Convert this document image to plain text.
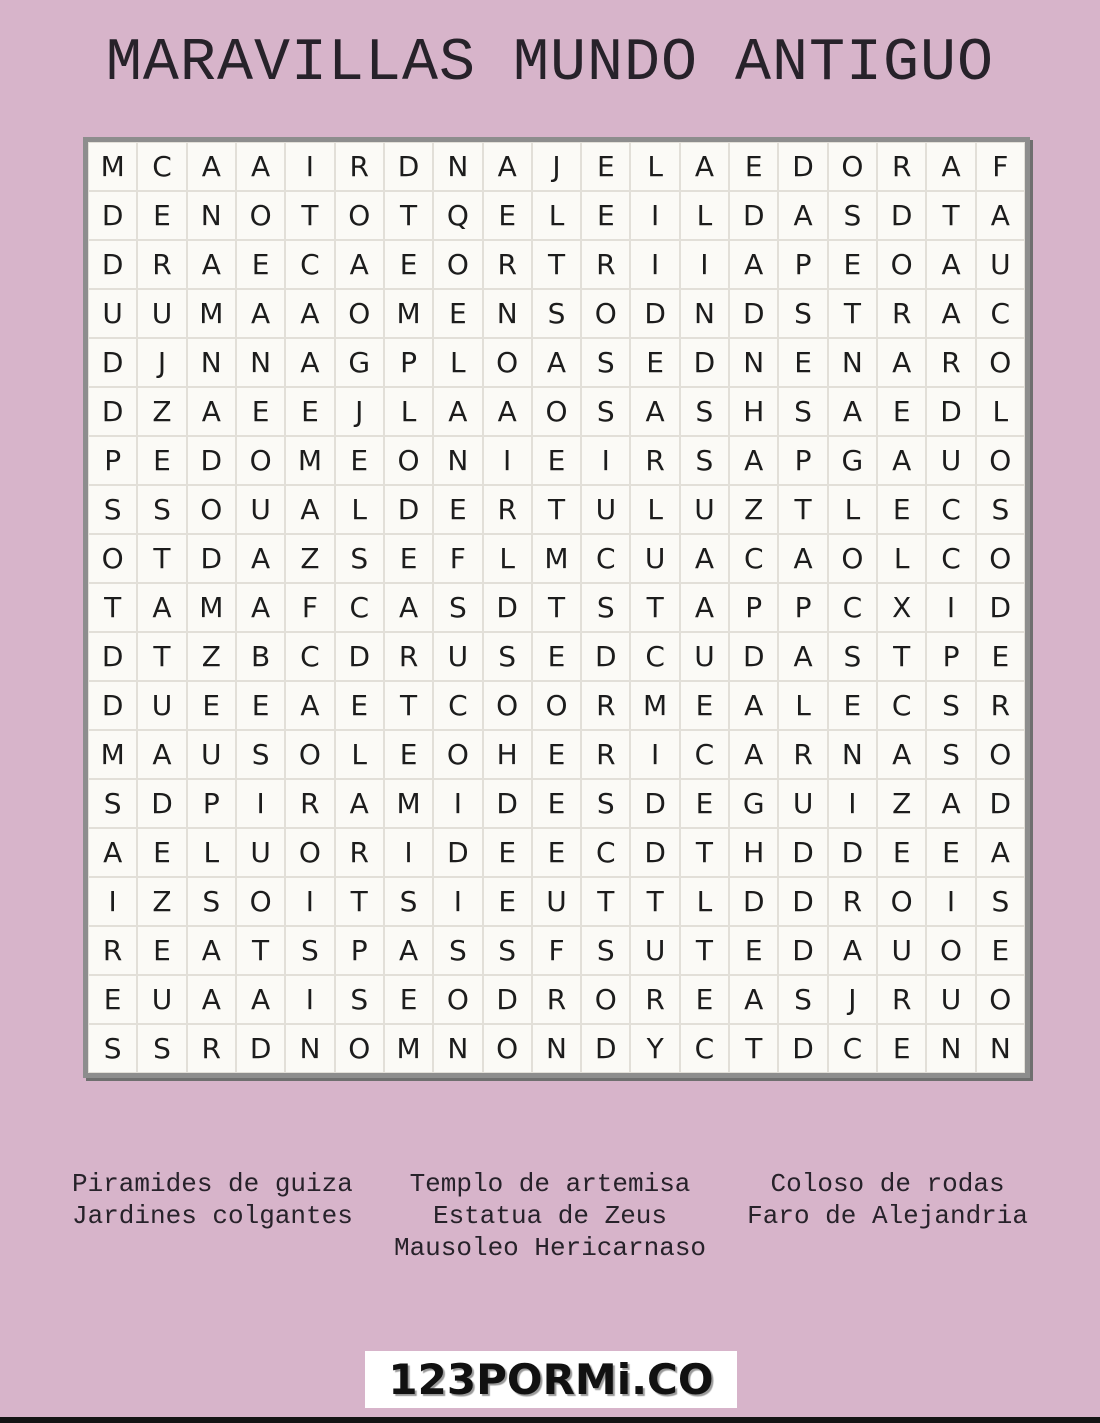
MARAVILLAS MUNDO ANTIGUO
M C	A	A	I	R	D	N	A	J	E	L	A	E	D O	R	A	F
D	E	N O	T	O	T	Q	E	L	E	I	L	D	A	S	D	T	A
D	R	A	E	C	A	E	O	R	T	R	I	I	A	P	E	O	A	U
U	U M A	A	O M	E	N	S	O D	N	D	S	T	R	A	C
D	J	N	N	A	G	P	L	O	A	S	E	D	N	E	N	A	R	O
D	Z	A	E	E	J	L	A	A	O	S	A	S	H	S	A	E	D	L
P	E	D O M	E	O N	I	E	I	R	S	A	P	G	A	U	O
S	S	O	U	A	L	D	E	R	T	U	L	U	Z	T	L	E	C	S
O	T	D	A	Z	S	E	F	L	M C	U	A	C	A	O	L	C	O
T	A M A	F	C	A	S	D	T	S	T	A	P	P	C	X	I	D
D	T	Z	B	C	D	R	U	S	E	D	C	U	D	A	S	T	P	E
D	U	E	E	A	E	T	C	O O	R M	E	A	L	E	C	S	R
M A	U	S	O	L	E	O H	E	R	I	C	A	R	N	A	S	O
S	D	P	I	R	A M	I	D	E	S	D	E	G	U	I	Z	A	D
A	E	L	U	O	R	I	D	E	E	C	D	T	H	D D	E	E	A
I	Z	S	O	I	T	S	I	E	U	T	T	L	D D	R	O	I	S
R	E	A	T	S	P	A	S	S	F	S	U	T	E	D	A	U	O	E
E	U	A	A	I	S	E	O D	R	O	R	E	A	S	J	R	U	O
S	S	R	D	N O M N O N	D	Y	C	T	D	C	E	N	N
Piramides de guiza
Jardines colgantes
Templo de artemisa
Estatua de Zeus
Mausoleo Hericarnaso
Coloso de rodas
Faro de Alejandria
123PORMi.CO
